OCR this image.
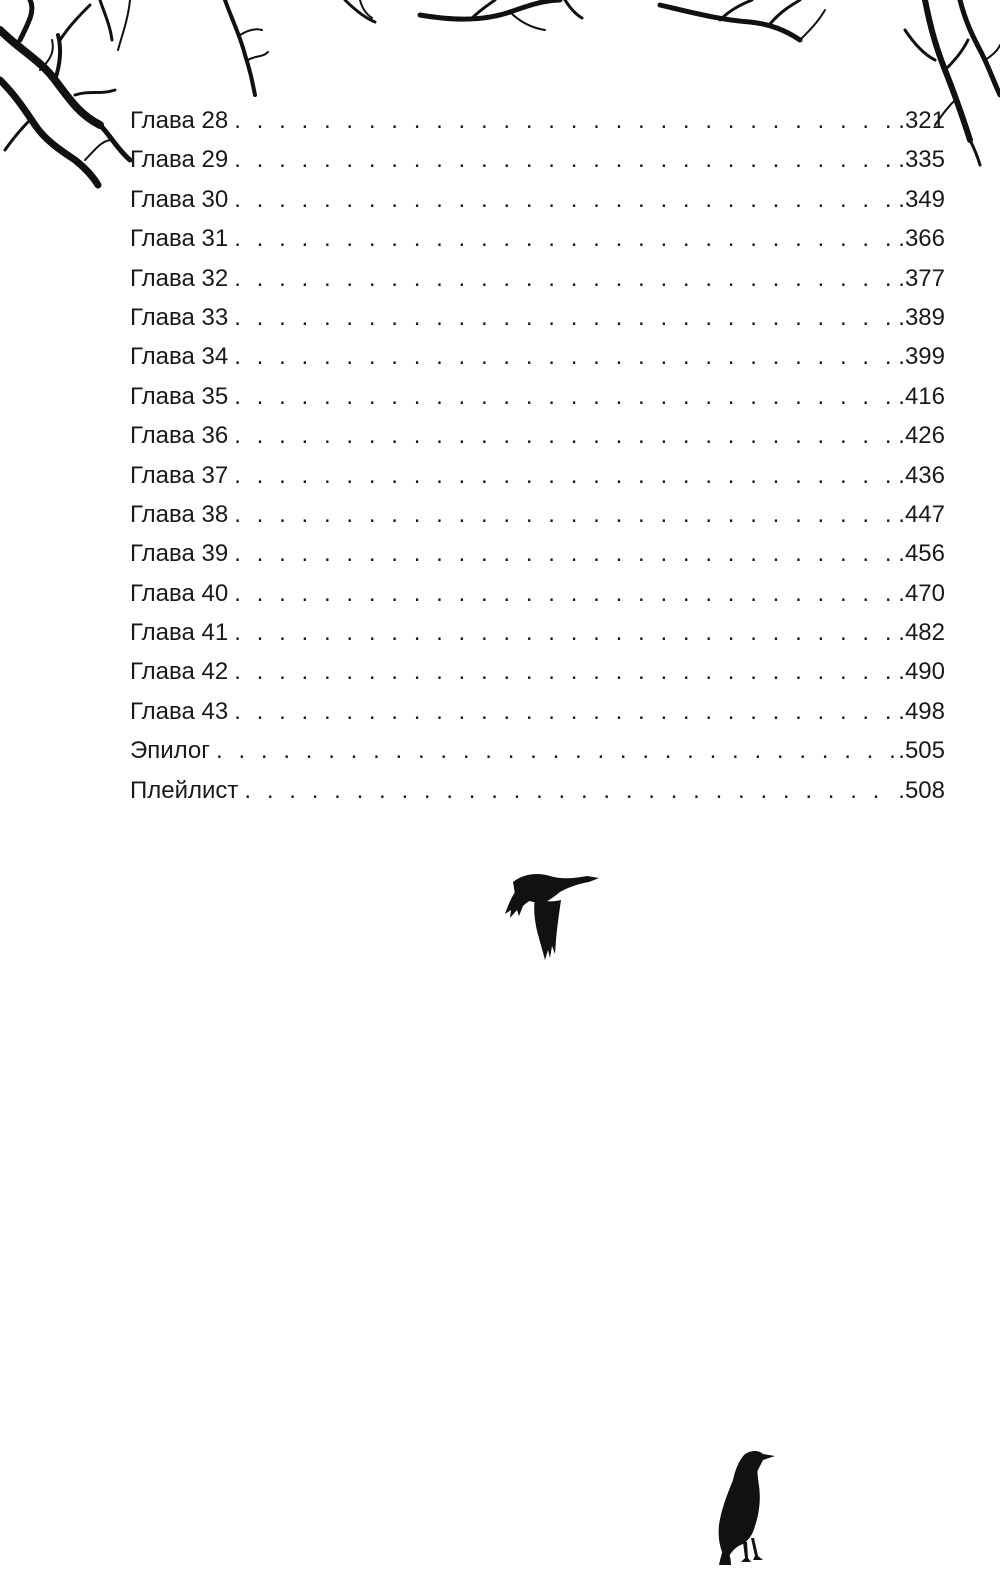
Глава 28 . . .	.321
Глава 29 . . .	.335
Глава 30 . . .	.349
Глава 31 . . .	.366
Глава 32 . . .	.377
Глава 33 . . .	.389
Глава 34 . . .	.399
Глава 35 . . .	.416
Глава 36 . . .	.426
Глава 37 . . .	.436
Глава 38 . . .	.447
Глава 39 . . .	.456
Глава 40 . . .	.470
Глава 41 . . .	.482
Глава 42 . . .	.490
Глава 43 . . .	.498
Эпилог . . .	.505
Плейлист . . .	.508
